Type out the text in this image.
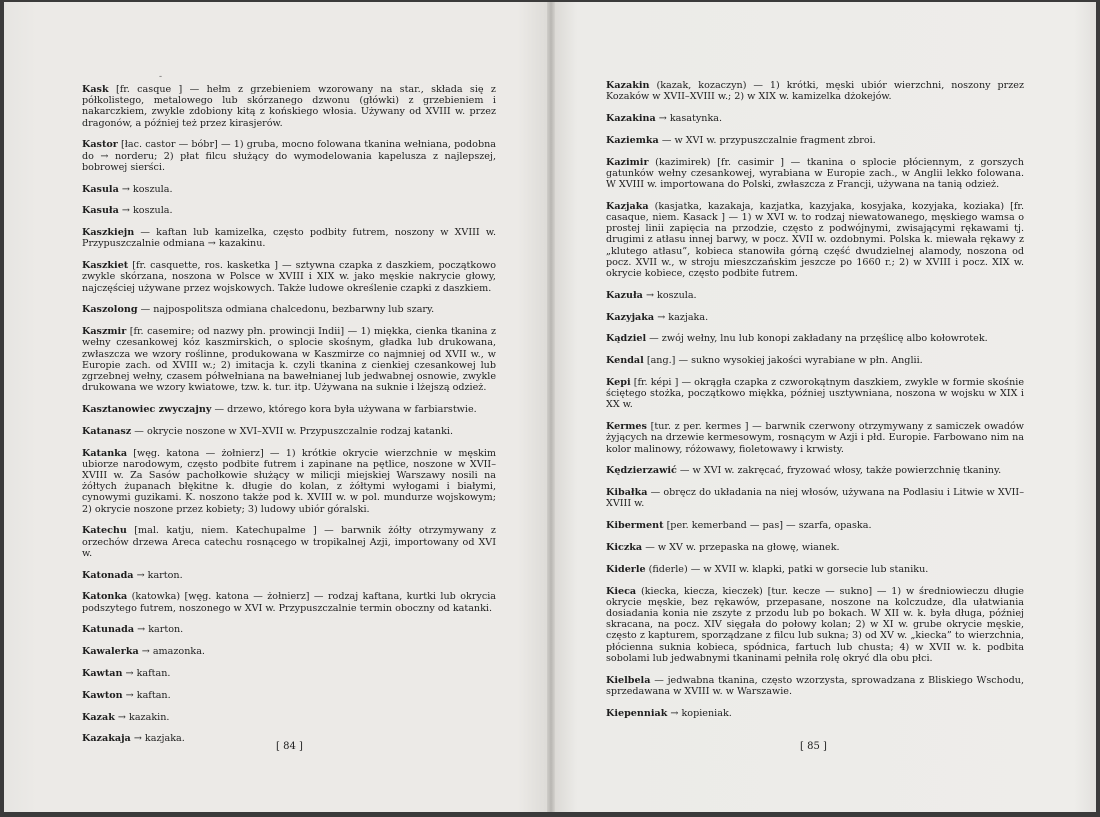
-

Kask [fr. casque ] — hełm z grzebieniem wzorowany na star., składa się z półkolistego, metalowego lub skórzanego dzwonu (główki) z grzebieniem i nakarczkiem, zwykle zdobiony kitą z końskiego włosia. Używany od XVIII w. przez dragonów, a później też przez kirasjerów.

Kastor [łac. castor — bóbr] — 1) gruba, mocno folowana tkanina wełniana, podobna do → norderu; 2) płat filcu służący do wymodelowania kapelusza z najlepszej, bobrowej sierści.

Kasula → koszula.

Kasuła → koszula.

Kaszkiejn — kaftan lub kamizelka, często podbity futrem, noszony w XVIII w. Przypuszczalnie odmiana → kazakinu.

Kaszkiet [fr. casquette, ros. kasketka ] — sztywna czapka z daszkiem, początkowo zwykle skórzana, noszona w Polsce w XVIII i XIX w. jako męskie nakrycie głowy, najczęściej używane przez wojskowych. Także ludowe określenie czapki z daszkiem.

Kaszolong — najpospolitsza odmiana chalcedonu, bezbarwny lub szary.

Kaszmir [fr. casemire; od nazwy płn. prowincji Indii] — 1) miękka, cienka tkanina z wełny czesankowej kóz kaszmirskich, o splocie skośnym, gładka lub drukowana, zwłaszcza we wzory roślinne, produkowana w Kaszmirze co najmniej od XVII w., w Europie zach. od XVIII w.; 2) imitacja k. czyli tkanina z cienkiej czesankowej lub zgrzebnej wełny, czasem półwełniana na bawełnianej lub jedwabnej osnowie, zwykle drukowana we wzory kwiatowe, tzw. k. tur. itp. Używana na suknie i lżejszą odzież.

Kasztanowiec zwyczajny — drzewo, którego kora była używana w farbiarstwie.

Katanasz — okrycie noszone w XVI–XVII w. Przypuszczalnie rodzaj katanki.

Katanka [węg. katona — żołnierz] — 1) krótkie okrycie wierzchnie w męskim ubiorze narodowym, często podbite futrem i zapinane na pętlice, noszone w XVII–XVIII w. Za Sasów pachołkowie służący w milicji miejskiej Warszawy nosili na żółtych żupanach błękitne k. długie do kolan, z żółtymi wyłogami i białymi, cynowymi guzikami. K. noszono także pod k. XVIII w. w pol. mundurze wojskowym; 2) okrycie noszone przez kobiety; 3) ludowy ubiór góralski.

Katechu [mal. katju, niem. Katechupalme ] — barwnik żółty otrzymywany z orzechów drzewa Areca catechu rosnącego w tropikalnej Azji, importowany od XVI w.

Katonada → karton.

Katonka (katowka) [węg. katona — żołnierz] — rodzaj kaftana, kurtki lub okrycia podszytego futrem, noszonego w XVI w. Przypuszczalnie termin oboczny od katanki.

Katunada → karton.

Kawalerka → amazonka.

Kawtan → kaftan.

Kawton → kaftan.

Kazak → kazakin.

Kazakaja → kazjaka.

Kazakin (kazak, kozaczyn) — 1) krótki, męski ubiór wierzchni, noszony przez Kozaków w XVII–XVIII w.; 2) w XIX w. kamizelka dżokejów.

Kazakina → kasatynka.

Kaziemka — w XVI w. przypuszczalnie fragment zbroi.

Kazimir (kazimirek) [fr. casimir ] — tkanina o splocie płóciennym, z gorszych gatunków wełny czesankowej, wyrabiana w Europie zach., w Anglii lekko folowana. W XVIII w. importowana do Polski, zwłaszcza z Francji, używana na tanią odzież.

Kazjaka (kasjatka, kazakaja, kazjatka, kazyjaka, kosyjaka, kozyjaka, koziaka) [fr. casaque, niem. Kasack ] — 1) w XVI w. to rodzaj niewatowanego, męskiego wamsa o prostej linii zapięcia na przodzie, często z podwójnymi, zwisającymi rękawami tj. drugimi z atłasu innej barwy, w pocz. XVII w. ozdobnymi. Polska k. miewała rękawy z „klutego atłasu”, kobieca stanowiła górną część dwudzielnej alamody, noszona od pocz. XVII w., w stroju mieszczańskim jeszcze po 1660 r.; 2) w XVIII i pocz. XIX w. okrycie kobiece, często podbite futrem.

Kazuła → koszula.

Kazyjaka → kazjaka.

Kądziel — zwój wełny, lnu lub konopi zakładany na przęślicę albo kołowrotek.

Kendal [ang.] — sukno wysokiej jakości wyrabiane w płn. Anglii.

Kepi [fr. képi ] — okrągła czapka z czworokątnym daszkiem, zwykle w formie skośnie ściętego stożka, początkowo miękka, później usztywniana, noszona w wojsku w XIX i XX w.

Kermes [tur. z per. kermes ] — barwnik czerwony otrzymywany z samiczek owadów żyjących na drzewie kermesowym, rosnącym w Azji i płd. Europie. Farbowano nim na kolor malinowy, różowawy, fioletowawy i krwisty.

Kędzierzawić — w XVI w. zakręcać, fryzować włosy, także powierzchnię tkaniny.

Kibałka — obręcz do układania na niej włosów, używana na Podlasiu i Litwie w XVII–XVIII w.

Kiberment [per. kemerband — pas] — szarfa, opaska.

Kiczka — w XV w. przepaska na głowę, wianek.

Kiderle (fiderle) — w XVII w. klapki, patki w gorsecie lub staniku.

Kiecа (kiecka, kiecza, kieczek) [tur. kecze — sukno] — 1) w średniowieczu długie okrycie męskie, bez rękawów, przepasane, noszone na kolczudze, dla ułatwiania dosiadania konia nie zszyte z przodu lub po bokach. W XII w. k. była długa, później skracana, na pocz. XIV sięgała do połowy kolan; 2) w XI w. grube okrycie męskie, często z kapturem, sporządzane z filcu lub sukna; 3) od XV w. „kiecka” to wierzchnia, płócienna suknia kobieca, spódnica, fartuch lub chusta; 4) w XVII w. k. podbita sobolami lub jedwabnymi tkaninami pełniła rolę okryć dla obu płci.

Kielbela — jedwabna tkanina, często wzorzysta, sprowadzana z Bliskiego Wschodu, sprzedawana w XVIII w. w Warszawie.

Kiepenniak → kopieniak.

[ 84 ]	[ 85 ]
